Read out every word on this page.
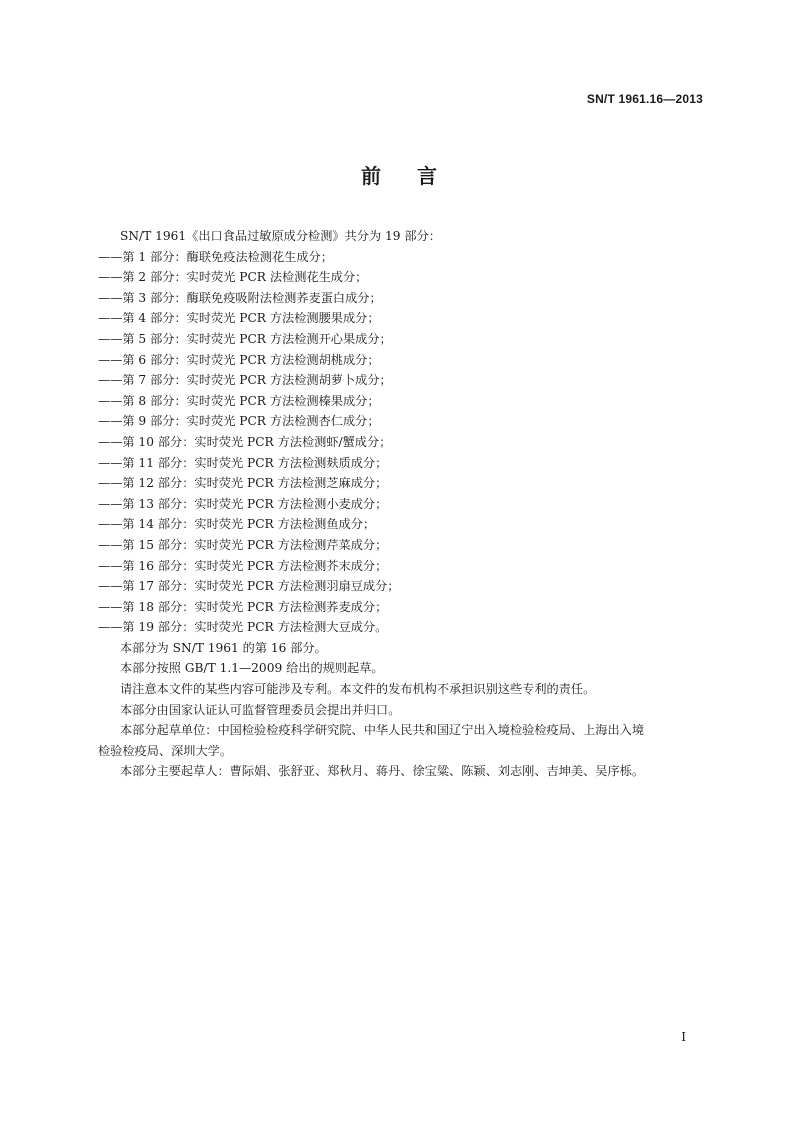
SN/T 1961.16—2013
前言
SN/T 1961《出口食品过敏原成分检测》共分为 19 部分：
——第 1 部分：酶联免疫法检测花生成分；
——第 2 部分：实时荧光 PCR 法检测花生成分；
——第 3 部分：酶联免疫吸附法检测荞麦蛋白成分；
——第 4 部分：实时荧光 PCR 方法检测腰果成分；
——第 5 部分：实时荧光 PCR 方法检测开心果成分；
——第 6 部分：实时荧光 PCR 方法检测胡桃成分；
——第 7 部分：实时荧光 PCR 方法检测胡萝卜成分；
——第 8 部分：实时荧光 PCR 方法检测榛果成分；
——第 9 部分：实时荧光 PCR 方法检测杏仁成分；
——第 10 部分：实时荧光 PCR 方法检测虾/蟹成分；
——第 11 部分：实时荧光 PCR 方法检测麸质成分；
——第 12 部分：实时荧光 PCR 方法检测芝麻成分；
——第 13 部分：实时荧光 PCR 方法检测小麦成分；
——第 14 部分：实时荧光 PCR 方法检测鱼成分；
——第 15 部分：实时荧光 PCR 方法检测芹菜成分；
——第 16 部分：实时荧光 PCR 方法检测芥末成分；
——第 17 部分：实时荧光 PCR 方法检测羽扇豆成分；
——第 18 部分：实时荧光 PCR 方法检测荞麦成分；
——第 19 部分：实时荧光 PCR 方法检测大豆成分。
本部分为 SN/T 1961 的第 16 部分。
本部分按照 GB/T 1.1—2009 给出的规则起草。
请注意本文件的某些内容可能涉及专利。本文件的发布机构不承担识别这些专利的责任。
本部分由国家认证认可监督管理委员会提出并归口。
本部分起草单位：中国检验检疫科学研究院、中华人民共和国辽宁出入境检验检疫局、上海出入境
检验检疫局、深圳大学。
本部分主要起草人：曹际娟、张舒亚、郑秋月、蒋丹、徐宝粱、陈颖、刘志刚、吉坤美、吴序栎。
I
